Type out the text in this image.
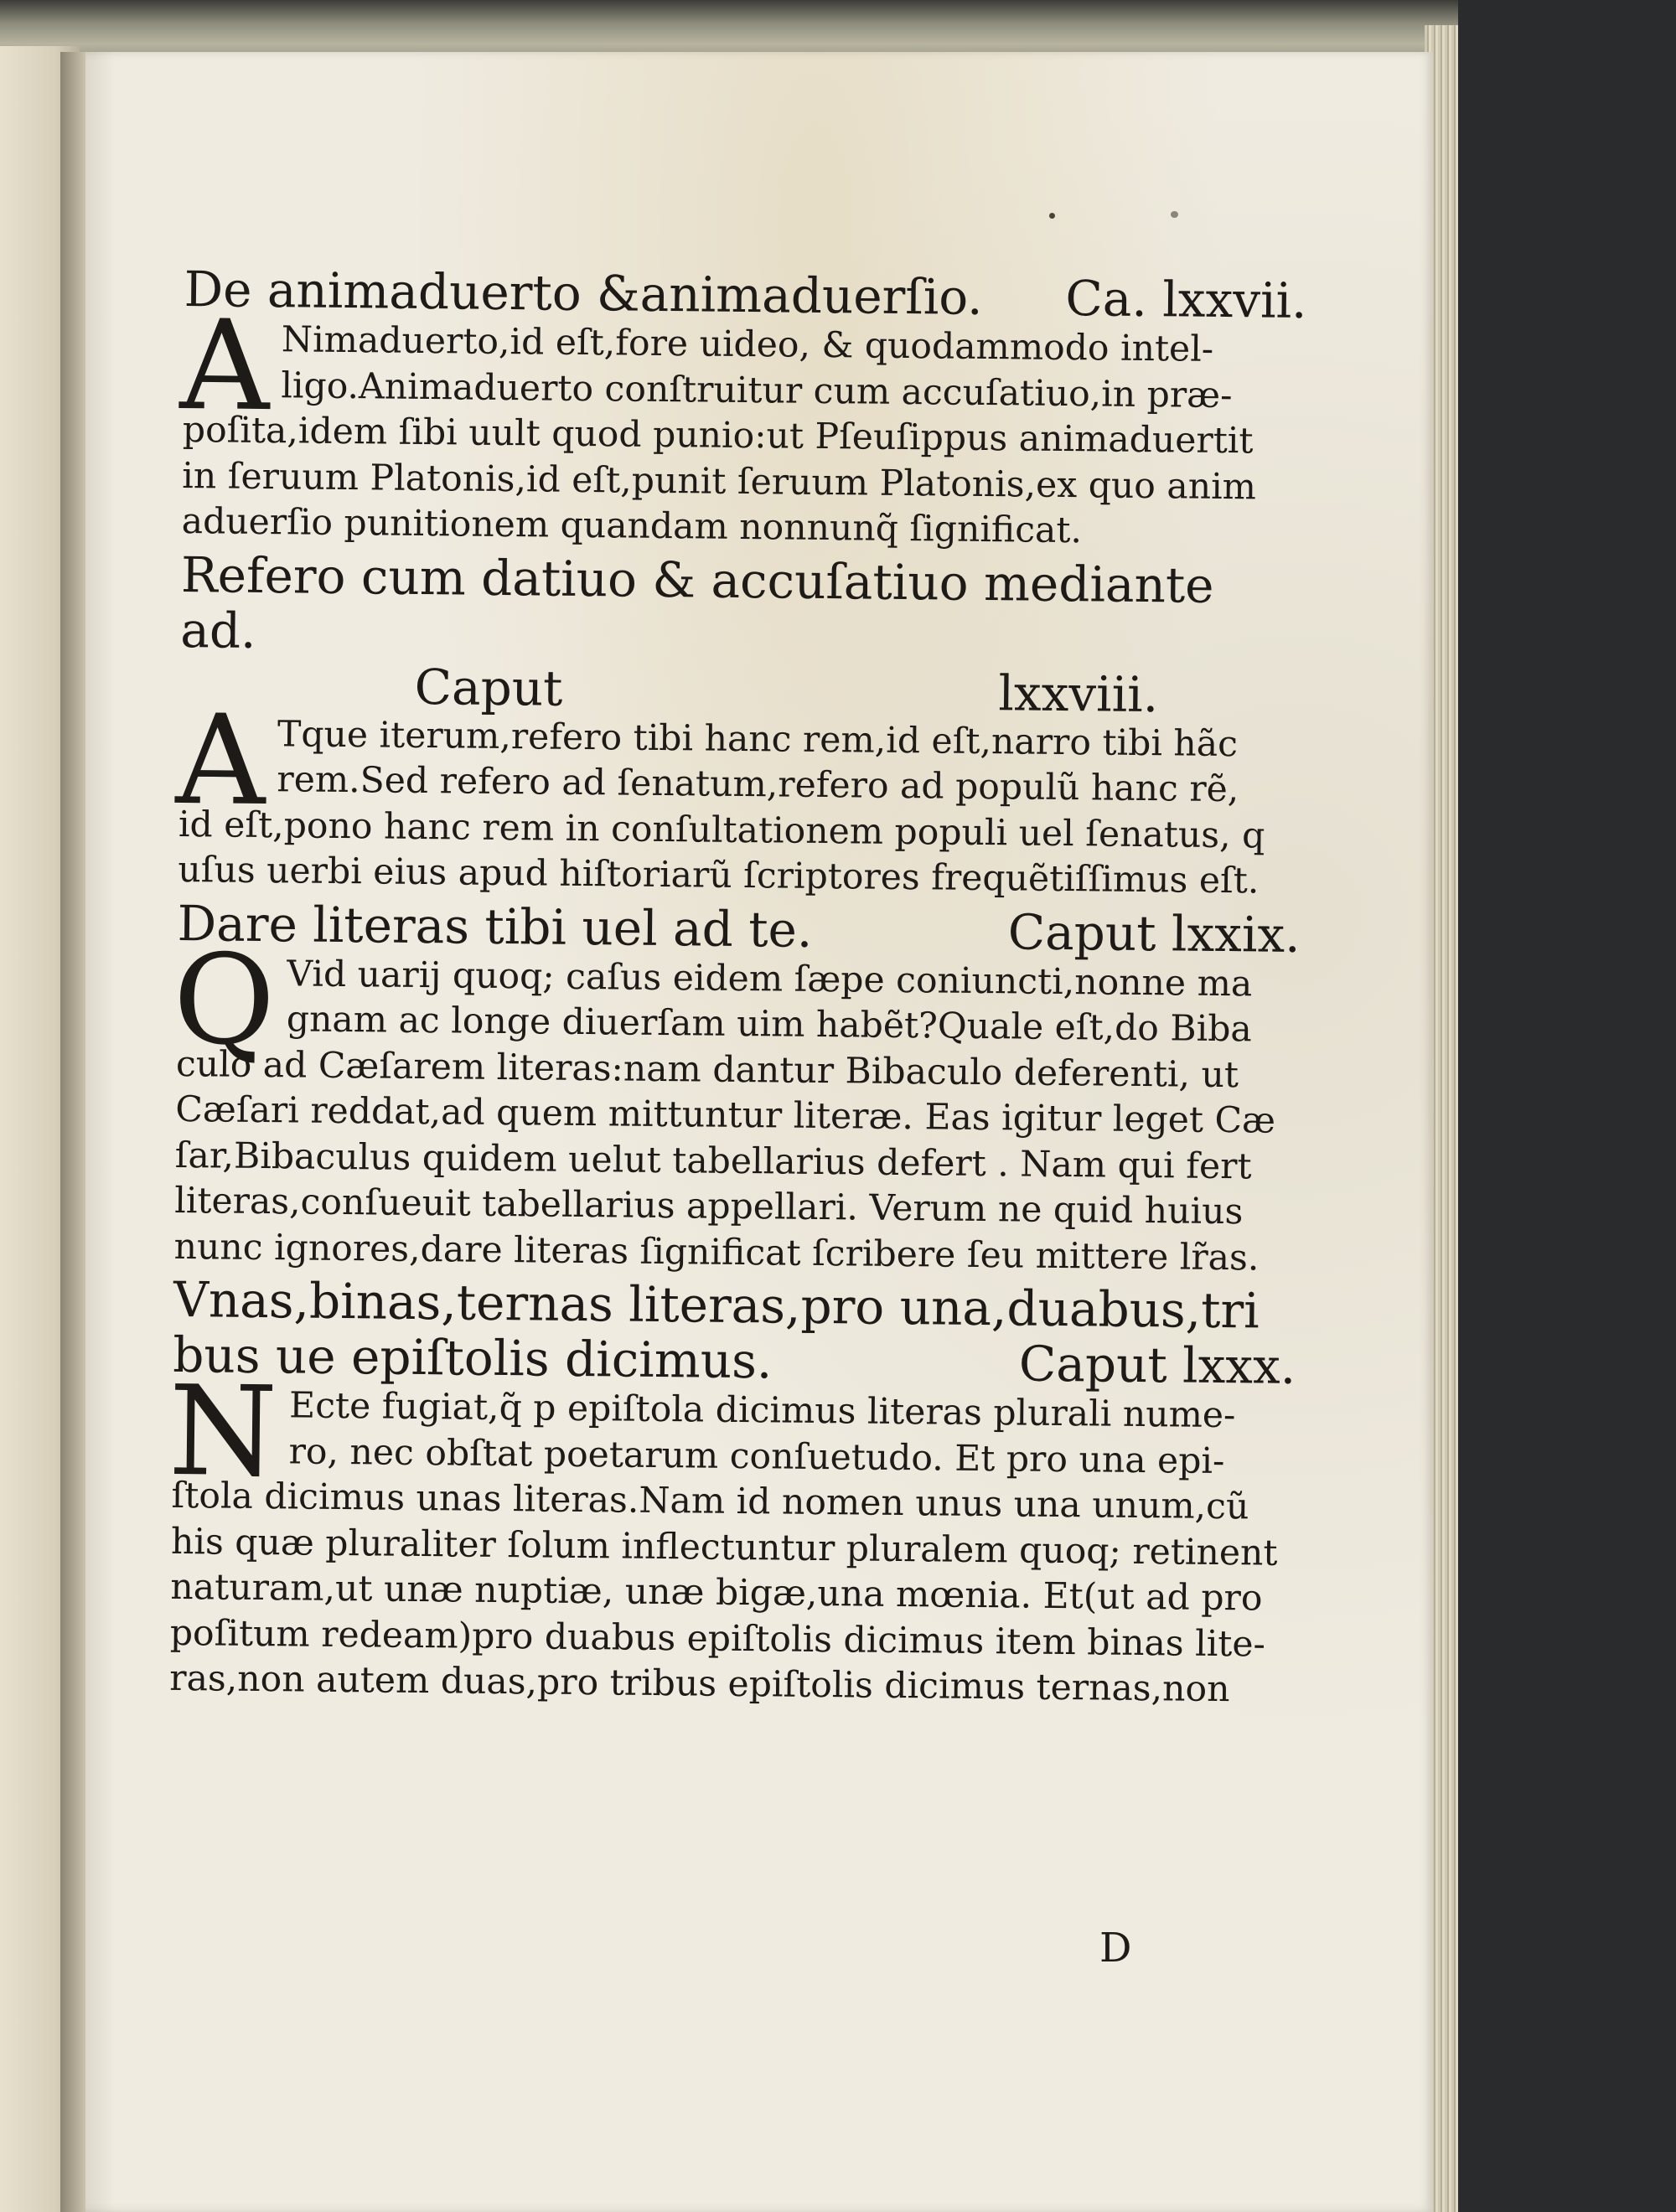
De animaduerto &animaduerſio. Ca. lxxvii.
A Nimaduerto,id eſt,fore uideo, & quodammodo intel-
ligo.Animaduerto conſtruitur cum accuſatiuo,in præ-
poſita,idem ſibi uult quod punio:ut Pſeuſippus animaduertit
in ſeruum Platonis,id eſt,punit ſeruum Platonis,ex quo anim
aduerſio punitionem quandam nonnunq̃ ſignificat.
Refero cum datiuo & accuſatiuo mediante ad.
Caput	lxxviii.
A Tque iterum,refero tibi hanc rem,id eſt,narro tibi hãc
rem.Sed refero ad ſenatum,refero ad populũ hanc rẽ,
id eſt,pono hanc rem in conſultationem populi uel ſenatus, q
uſus uerbi eius apud hiſtoriarũ ſcriptores frequẽtiſſimus eſt.
Dare literas tibi uel ad te.	Caput lxxix.
Q Vid uarij quoq; caſus eidem ſæpe coniuncti,nonne ma
gnam ac longe diuerſam uim habẽt?Quale eſt,do Biba
culo ad Cæſarem literas:nam dantur Bibaculo deferenti, ut
Cæſari reddat,ad quem mittuntur literæ. Eas igitur leget Cæ
ſar,Bibaculus quidem uelut tabellarius defert . Nam qui fert
literas,conſueuit tabellarius appellari. Verum ne quid huius
nunc ignores,dare literas ſignificat ſcribere ſeu mittere lr̃as.
Vnas,binas,ternas literas,pro una,duabus,tri
bus ue epiſtolis dicimus.	Caput lxxx.
N Ecte fugiat,q̃ p epiſtola dicimus literas plurali nume-
ro, nec obſtat poetarum conſuetudo. Et pro una epi-
ſtola dicimus unas literas.Nam id nomen unus una unum,cũ
his quæ pluraliter ſolum inflectuntur pluralem quoq; retinent
naturam,ut unæ nuptiæ, unæ bigæ,una mœnia. Et(ut ad pro
poſitum redeam)pro duabus epiſtolis dicimus item binas lite-
ras,non autem duas,pro tribus epiſtolis dicimus ternas,non
D
